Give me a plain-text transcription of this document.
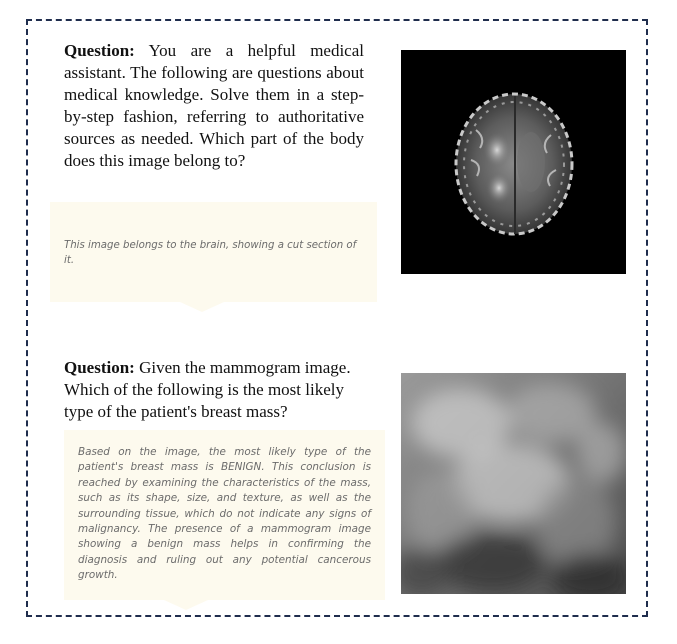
Question: You are a helpful medical assistant. The following are questions about medical knowledge. Solve them in a step-by-step fashion, referring to authoritative sources as needed. Which part of the body does this image belong to?

This image belongs to the brain, showing a cut section of it.

Question: Given the mammogram image. Which of the following is the most likely type of the patient's breast mass?

Based on the image, the most likely type of the patient's breast mass is BENIGN. This conclusion is reached by examining the characteristics of the mass, such as its shape, size, and texture, as well as the surrounding tissue, which do not indicate any signs of malignancy. The presence of a mammogram image showing a benign mass helps in confirming the diagnosis and ruling out any potential cancerous growth.
